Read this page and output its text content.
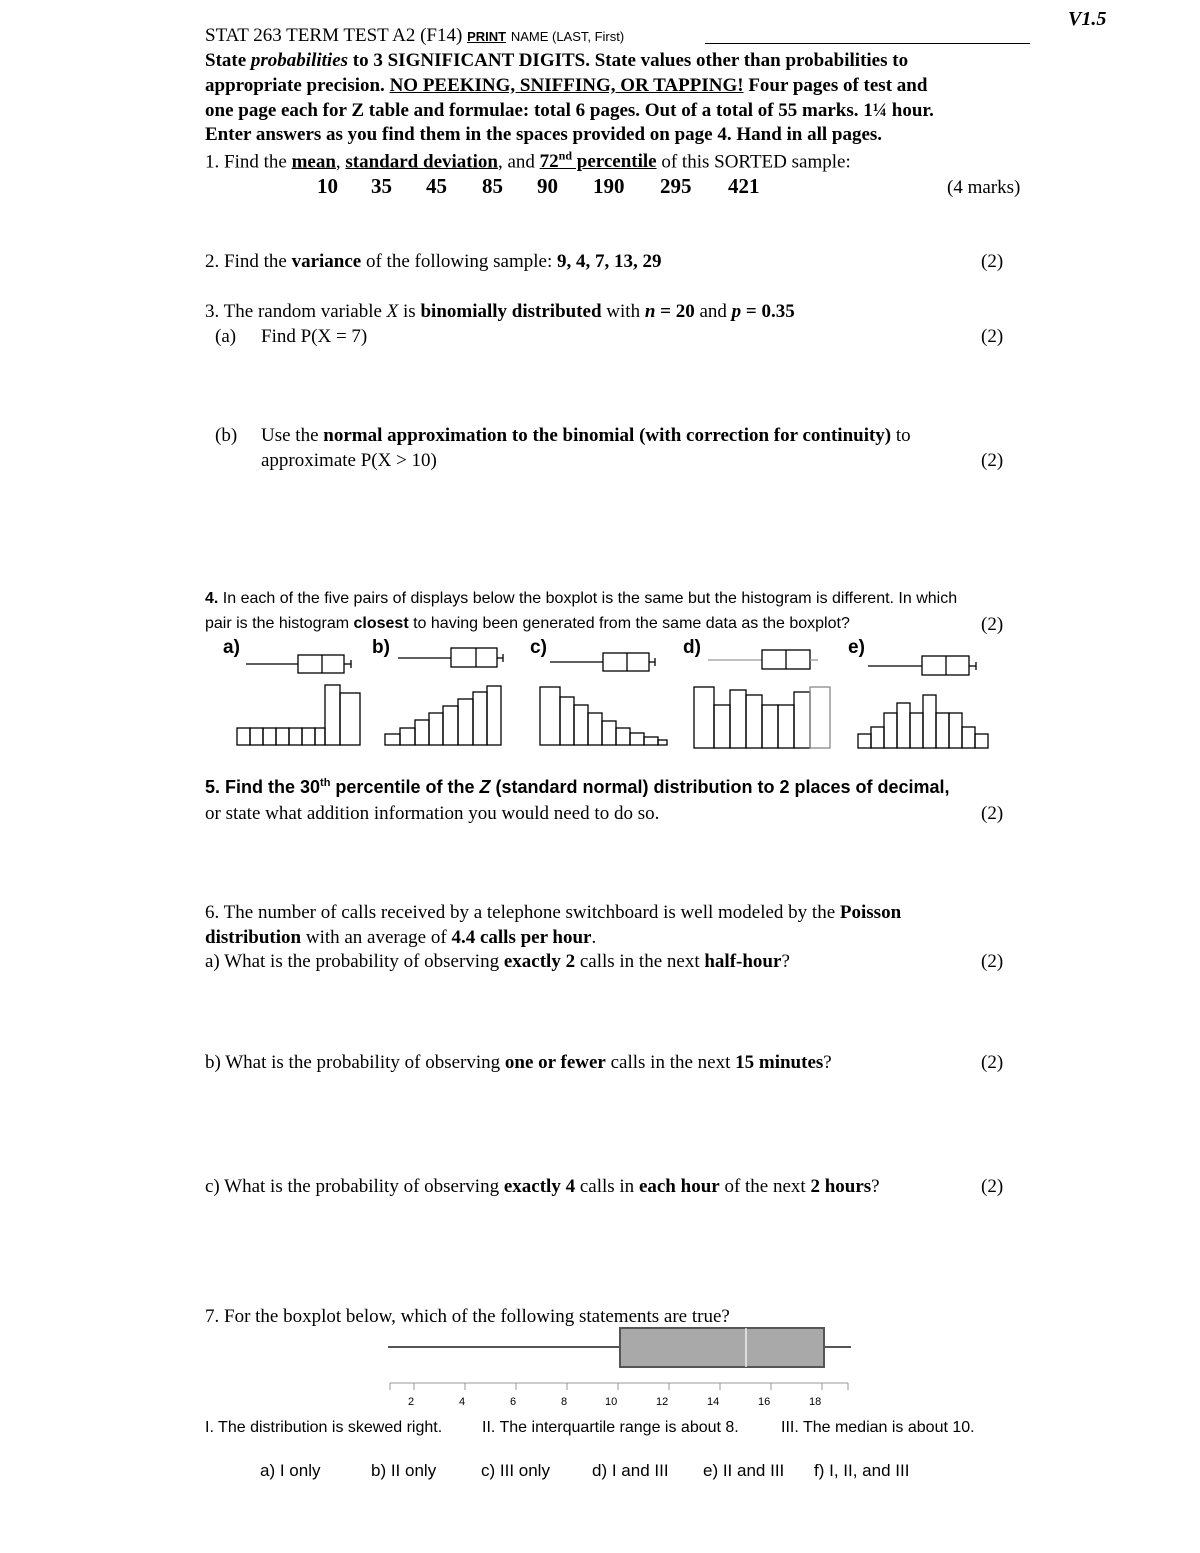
V1.5
STAT 263 TERM TEST A2 (F14) PRINT NAME (LAST, First)
State probabilities to 3 SIGNIFICANT DIGITS. State values other than probabilities to
appropriate precision. NO PEEKING, SNIFFING, OR TAPPING! Four pages of test and
one page each for Z table and formulae: total 6 pages. Out of a total of 55 marks. 1¼ hour.
Enter answers as you find them in the spaces provided on page 4. Hand in all pages.
1. Find the mean, standard deviation, and 72nd percentile of this SORTED sample:
10 35 45 85 90 190 295 421	(4 marks)
2. Find the variance of the following sample: 9, 4, 7, 13, 29	(2)
3. The random variable X is binomially distributed with n = 20 and p = 0.35
(a) Find P(X = 7)	(2)
(b) Use the normal approximation to the binomial (with correction for continuity) to
approximate P(X > 10)	(2)
4. In each of the five pairs of displays below the boxplot is the same but the histogram is different. In which
pair is the histogram closest to having been generated from the same data as the boxplot?	(2)
a)	b)	c)	d)	e)
2	4	6	8	10	12	14	16	18
5. Find the 30th percentile of the Z (standard normal) distribution to 2 places of decimal,
or state what addition information you would need to do so.	(2)
6. The number of calls received by a telephone switchboard is well modeled by the Poisson
distribution with an average of 4.4 calls per hour.
a) What is the probability of observing exactly 2 calls in the next half-hour?	(2)
b) What is the probability of observing one or fewer calls in the next 15 minutes?	(2)
c) What is the probability of observing exactly 4 calls in each hour of the next 2 hours?	(2)
7. For the boxplot below, which of the following statements are true?
I. The distribution is skewed right. II. The interquartile range is about 8.	III. The median is about 10.
a) I only	b) II only	c) III only d) I and III e) II and III f) I, II, and III
